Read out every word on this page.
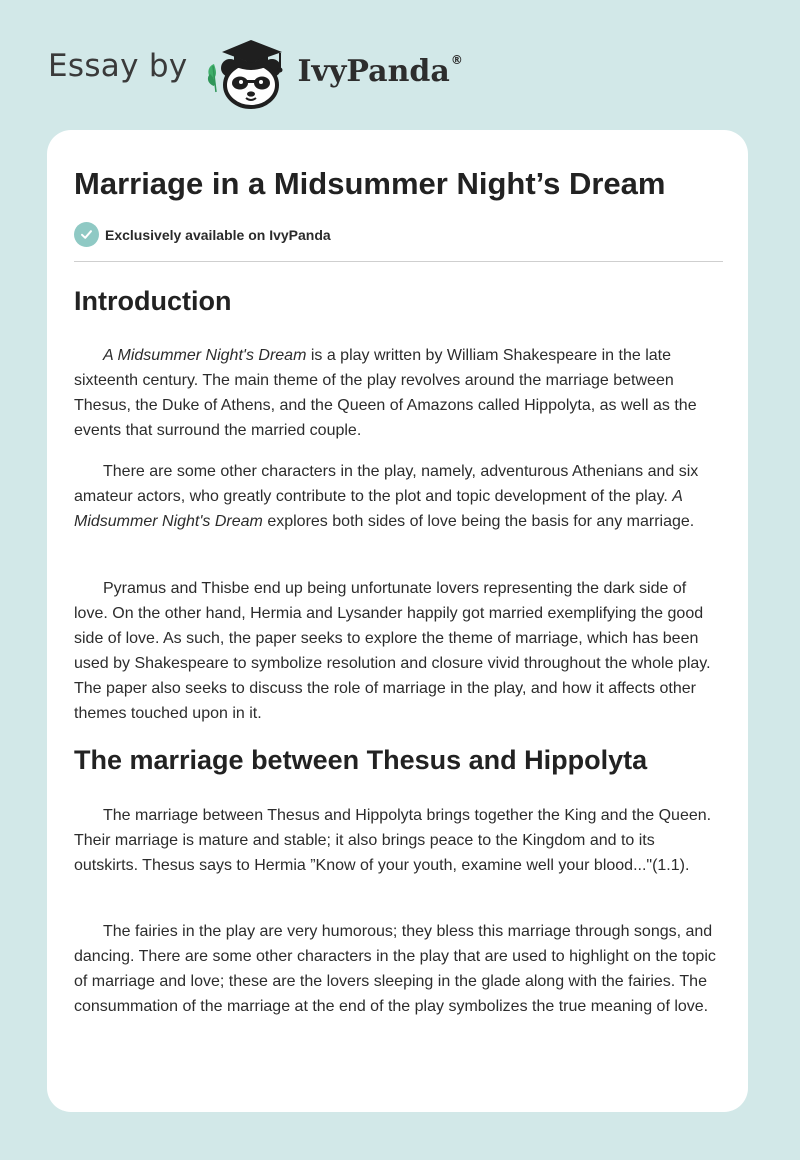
Essay by	IvyPanda®
Marriage in a Midsummer Night’s Dream
Exclusively available on IvyPanda
Introduction

A Midsummer Night's Dream is a play written by William Shakespeare in the late sixteenth century. The main theme of the play revolves around the marriage between Thesus, the Duke of Athens, and the Queen of Amazons called Hippolyta, as well as the events that surround the married couple.

There are some other characters in the play, namely, adventurous Athenians and six amateur actors, who greatly contribute to the plot and topic development of the play. A Midsummer Night's Dream explores both sides of love being the basis for any marriage.

Pyramus and Thisbe end up being unfortunate lovers representing the dark side of love. On the other hand, Hermia and Lysander happily got married exemplifying the good side of love. As such, the paper seeks to explore the theme of marriage, which has been used by Shakespeare to symbolize resolution and closure vivid throughout the whole play. The paper also seeks to discuss the role of marriage in the play, and how it affects other themes touched upon in it.

The marriage between Thesus and Hippolyta

The marriage between Thesus and Hippolyta brings together the King and the Queen. Their marriage is mature and stable; it also brings peace to the Kingdom and to its outskirts. Thesus says to Hermia ”Know of your youth, examine well your blood..."(1.1).

The fairies in the play are very humorous; they bless this marriage through songs, and dancing. There are some other characters in the play that are used to highlight on the topic of marriage and love; these are the lovers sleeping in the glade along with the fairies. The consummation of the marriage at the end of the play symbolizes the true meaning of love.
